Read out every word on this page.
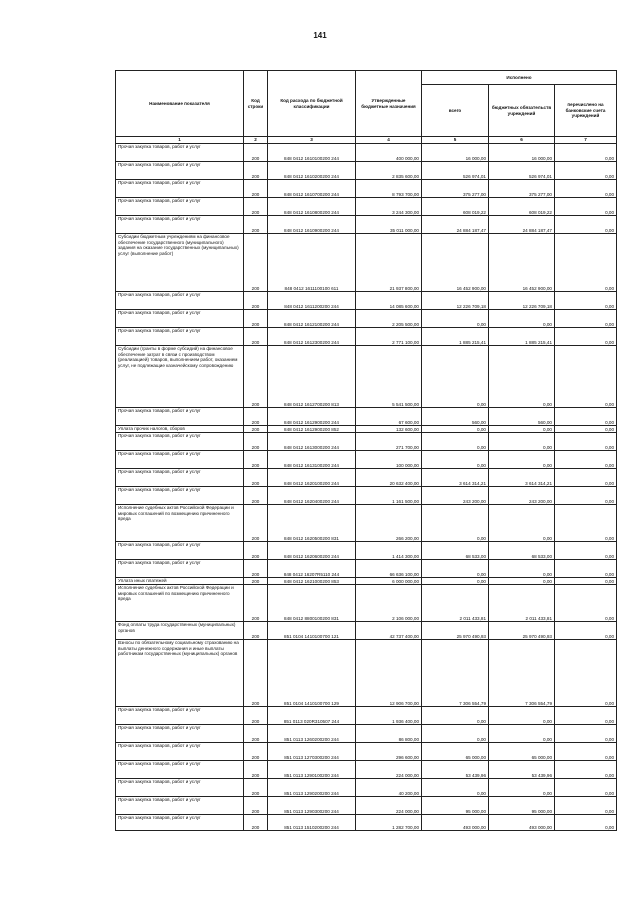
141
Наименование показателя	Код строки	Код расхода по бюджетной классификации	Утвержденные бюджетные назначения	Исполнено		
				всего	бюджетных обязательств учреждений	перечислено на банковские счета учреждений
1	2	3	4	5	6	7
Прочая закупка товаров, работ и услуг	200	848 0412 1610100200 244	400 000,00	16 000,00	16 000,00	0,00
Прочая закупка товаров, работ и услуг	200	848 0412 1610200200 244	2 835 600,00	526 974,01	526 974,01	0,00
Прочая закупка товаров, работ и услуг	200	848 0412 1610700200 244	8 793 700,00	375 277,00	375 277,00	0,00
Прочая закупка товаров, работ и услуг	200	848 0412 1610800200 244	3 244 300,00	608 019,22	608 019,22	0,00
Прочая закупка товаров, работ и услуг	200	848 0412 1610900200 244	35 011 000,00	24 884 187,47	24 884 187,47	0,00
Субсидии бюджетным учреждениям на финансовое обеспечение государственного (муниципального) задания на оказание государственных (муниципальных) услуг (выполнение работ)	200	848 0412 1611100100 611	21 937 800,00	16 452 900,00	16 452 900,00	0,00
Прочая закупка товаров, работ и услуг	200	848 0412 1611200200 244	14 085 600,00	12 226 709,18	12 226 709,18	0,00
Прочая закупка товаров, работ и услуг	200	848 0412 1612100200 244	2 205 500,00	0,00	0,00	0,00
Прочая закупка товаров, работ и услуг	200	848 0412 1612300200 244	2 771 100,00	1 885 215,41	1 885 215,41	0,00
Субсидии (гранты в форме субсидий) на финансовое обеспечение затрат в связи с производством (реализацией) товаров, выполнением работ, оказанием услуг, не подлежащие казначейскому сопровождению	200	848 0412 1612700200 813	5 541 500,00	0,00	0,00	0,00
Прочая закупка товаров, работ и услуг	200	848 0412 1612900200 244	67 600,00	560,00	560,00	0,00
Уплата прочих налогов, сборов	200	848 0412 1612900200 852	132 600,00	0,00	0,00	0,00
Прочая закупка товаров, работ и услуг	200	848 0412 1613000200 244	271 700,00	0,00	0,00	0,00
Прочая закупка товаров, работ и услуг	200	848 0412 1613100200 244	100 000,00	0,00	0,00	0,00
Прочая закупка товаров, работ и услуг	200	848 0412 1620100200 244	20 632 400,00	3 614 314,21	3 614 314,21	0,00
Прочая закупка товаров, работ и услуг	200	848 0412 1620400200 244	1 161 500,00	243 200,00	243 200,00	0,00
Исполнение судебных актов Российской Федерации и мировых соглашений по возмещению причиненного вреда	200	848 0412 1620500200 831	266 200,00	0,00	0,00	0,00
Прочая закупка товаров, работ и услуг	200	848 0412 1620600200 244	1 414 300,00	68 533,00	68 533,00	0,00
Прочая закупка товаров, работ и услуг	200	848 0412 16207R5110 244	66 636 100,00	0,00	0,00	0,00
Уплата иных платежей	200	848 0412 1621000200 853	6 000 000,00	0,00	0,00	0,00
Исполнение судебных актов Российской Федерации и мировых соглашений по возмещению причиненного вреда	200	848 0412 8800100200 831	2 106 000,00	2 011 433,81	2 011 433,81	0,00
Фонд оплаты труда государственных (муниципальных) органов	200	851 0104 1410100700 121	42 737 400,00	25 970 490,93	25 970 490,93	0,00
Взносы по обязательному социальному страхованию на выплаты денежного содержания и иные выплаты работникам государственных (муниципальных) органов	200	851 0104 1410100700 129	12 906 700,00	7 306 554,79	7 306 554,79	0,00
Прочая закупка товаров, работ и услуг	200	851 0113 020R310507 244	1 936 400,00	0,00	0,00	0,00
Прочая закупка товаров, работ и услуг	200	851 0113 1260200200 244	86 800,00	0,00	0,00	0,00
Прочая закупка товаров, работ и услуг	200	851 0113 1270300200 244	296 600,00	65 000,00	65 000,00	0,00
Прочая закупка товаров, работ и услуг	200	851 0113 1290100200 244	224 000,00	53 439,96	53 439,96	0,00
Прочая закупка товаров, работ и услуг	200	851 0113 1290200200 244	40 200,00	0,00	0,00	0,00
Прочая закупка товаров, работ и услуг	200	851 0113 1290300200 244	224 000,00	95 000,00	95 000,00	0,00
Прочая закупка товаров, работ и услуг	200	851 0113 1510200200 244	1 282 700,00	493 000,00	493 000,00	0,00
